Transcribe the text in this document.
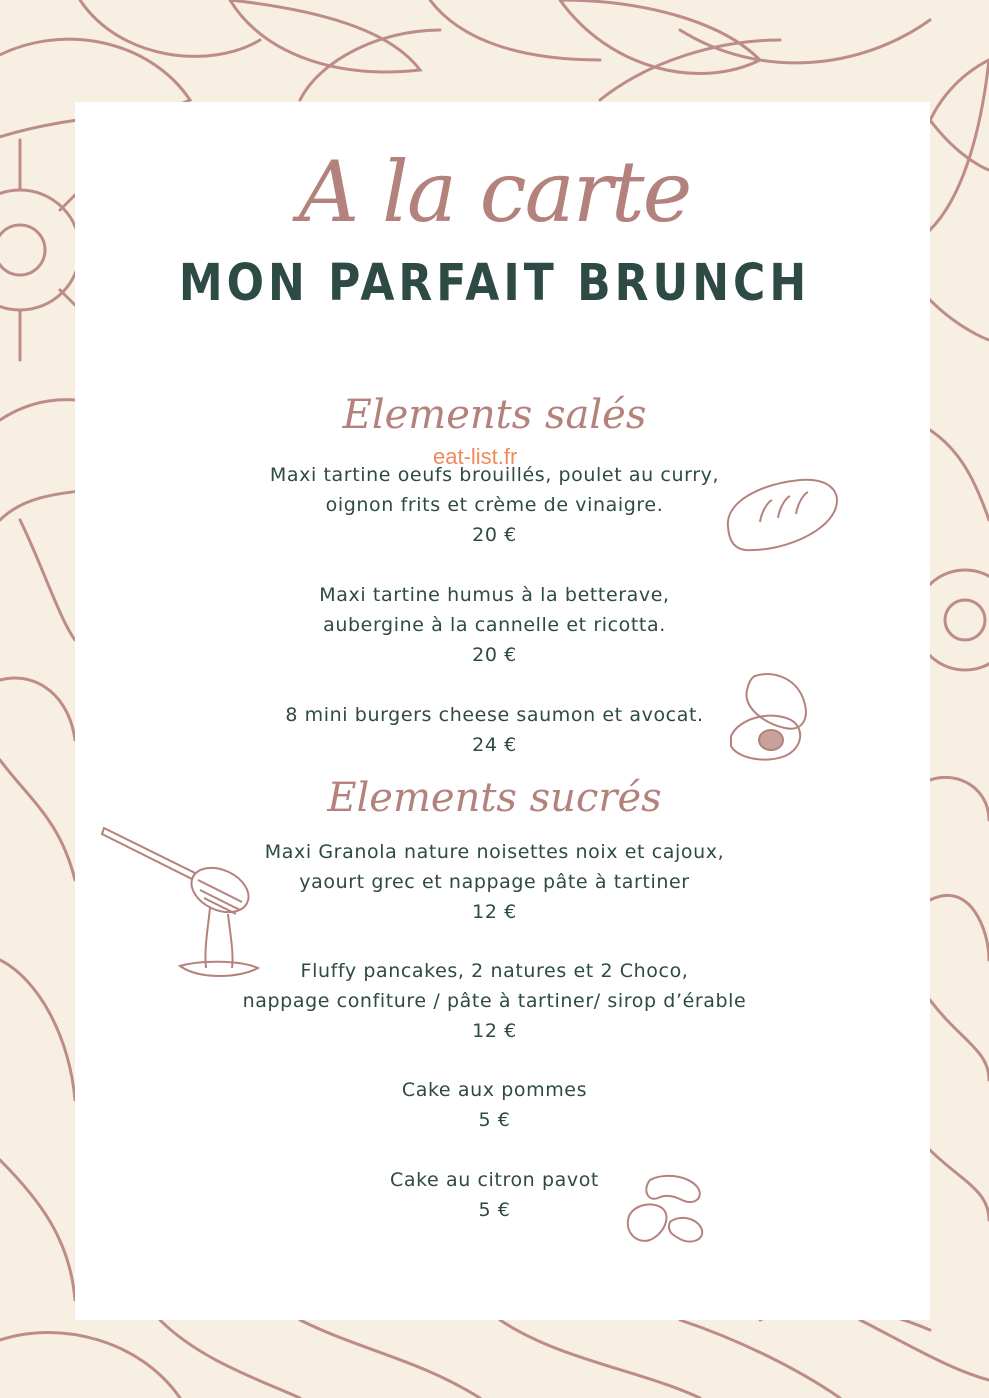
A la carte
MON PARFAIT BRUNCH
Elements salés
eat-list.fr
Maxi tartine oeufs brouillés, poulet au curry,
oignon frits et crème de vinaigre.
20 €
Maxi tartine humus à la betterave,
aubergine à la cannelle et ricotta.
20 €
8 mini burgers cheese saumon et avocat.
24 €
Elements sucrés
Maxi Granola nature noisettes noix et cajoux,
yaourt grec et nappage pâte à tartiner
12 €
Fluffy pancakes, 2 natures et 2 Choco,
nappage confiture / pâte à tartiner/ sirop d’érable
12 €
Cake aux pommes
5 €
Cake au citron pavot
5 €
